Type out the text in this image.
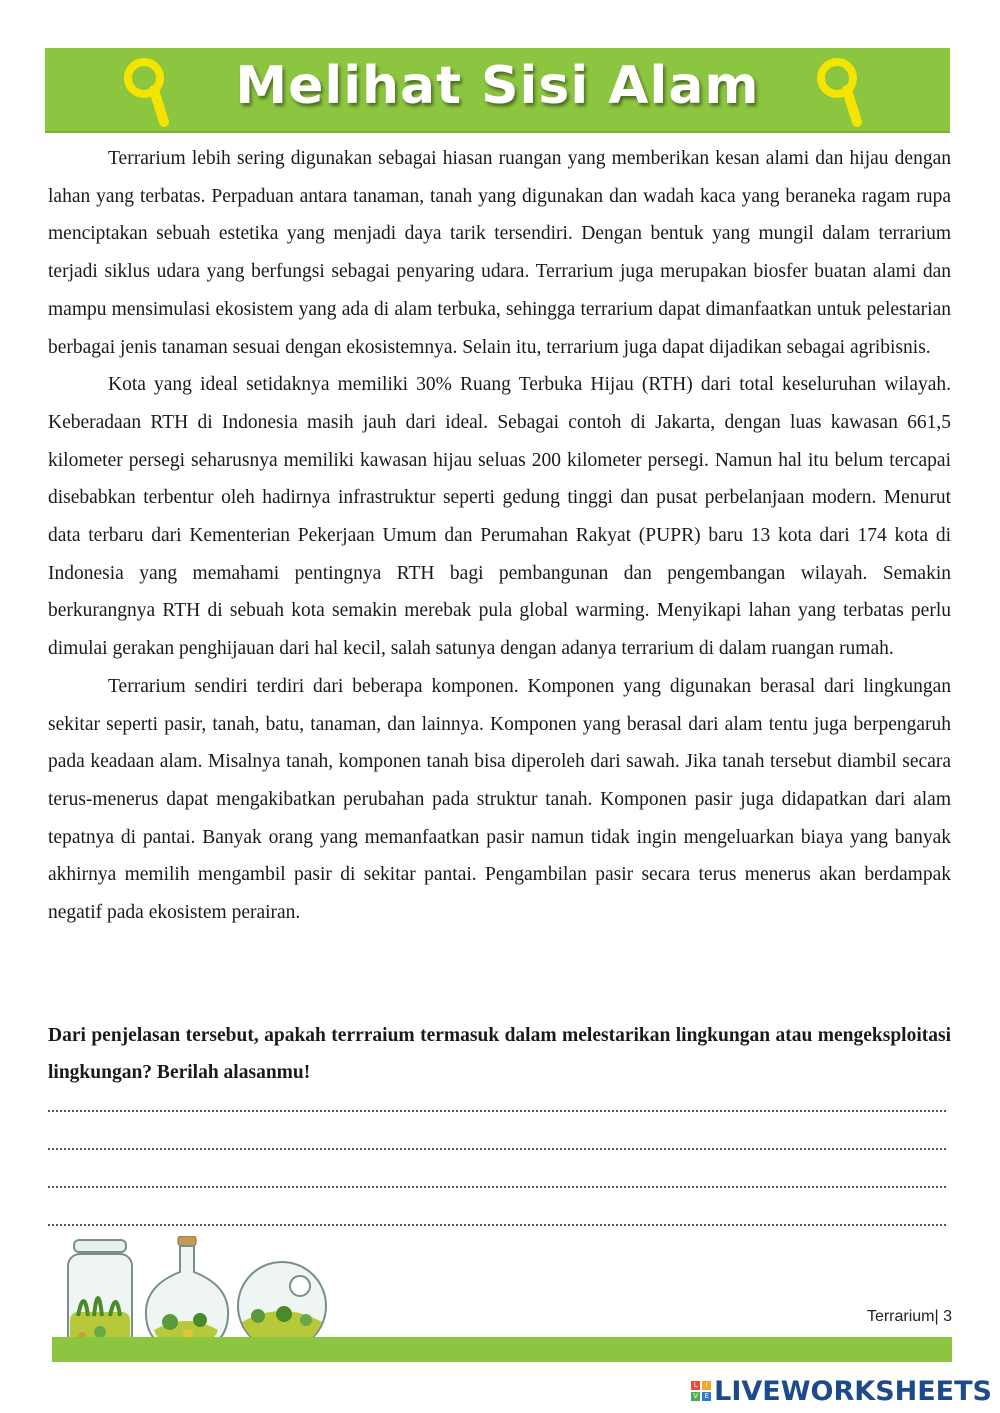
Melihat Sisi Alam

Terrarium lebih sering digunakan sebagai hiasan ruangan yang memberikan kesan alami dan hijau dengan lahan yang terbatas. Perpaduan antara tanaman, tanah yang digunakan dan wadah kaca yang beraneka ragam rupa menciptakan sebuah estetika yang menjadi daya tarik tersendiri. Dengan bentuk yang mungil dalam terrarium terjadi siklus udara yang berfungsi sebagai penyaring udara. Terrarium juga merupakan biosfer buatan alami dan mampu mensimulasi ekosistem yang ada di alam terbuka, sehingga terrarium dapat dimanfaatkan untuk pelestarian berbagai jenis tanaman sesuai dengan ekosistemnya. Selain itu, terrarium juga dapat dijadikan sebagai agribisnis.

Kota yang ideal setidaknya memiliki 30% Ruang Terbuka Hijau (RTH) dari total keseluruhan wilayah. Keberadaan RTH di Indonesia masih jauh dari ideal. Sebagai contoh di Jakarta, dengan luas kawasan 661,5 kilometer persegi seharusnya memiliki kawasan hijau seluas 200 kilometer persegi. Namun hal itu belum tercapai disebabkan terbentur oleh hadirnya infrastruktur seperti gedung tinggi dan pusat perbelanjaan modern. Menurut data terbaru dari Kementerian Pekerjaan Umum dan Perumahan Rakyat (PUPR) baru 13 kota dari 174 kota di Indonesia yang memahami pentingnya RTH bagi pembangunan dan pengembangan wilayah. Semakin berkurangnya RTH di sebuah kota semakin merebak pula global warming. Menyikapi lahan yang terbatas perlu dimulai gerakan penghijauan dari hal kecil, salah satunya dengan adanya terrarium di dalam ruangan rumah.

Terrarium sendiri terdiri dari beberapa komponen. Komponen yang digunakan berasal dari lingkungan sekitar seperti pasir, tanah, batu, tanaman, dan lainnya. Komponen yang berasal dari alam tentu juga berpengaruh pada keadaan alam. Misalnya tanah, komponen tanah bisa diperoleh dari sawah. Jika tanah tersebut diambil secara terus-menerus dapat mengakibatkan perubahan pada struktur tanah. Komponen pasir juga didapatkan dari alam tepatnya di pantai. Banyak orang yang memanfaatkan pasir namun tidak ingin mengeluarkan biaya yang banyak akhirnya memilih mengambil pasir di sekitar pantai. Pengambilan pasir secara terus menerus akan berdampak negatif pada ekosistem perairan.

Dari penjelasan tersebut, apakah terrraium termasuk dalam melestarikan lingkungan atau mengeksploitasi lingkungan? Berilah alasanmu!
Terrarium| 3
L	I
V E LIVEWORKSHEETS
